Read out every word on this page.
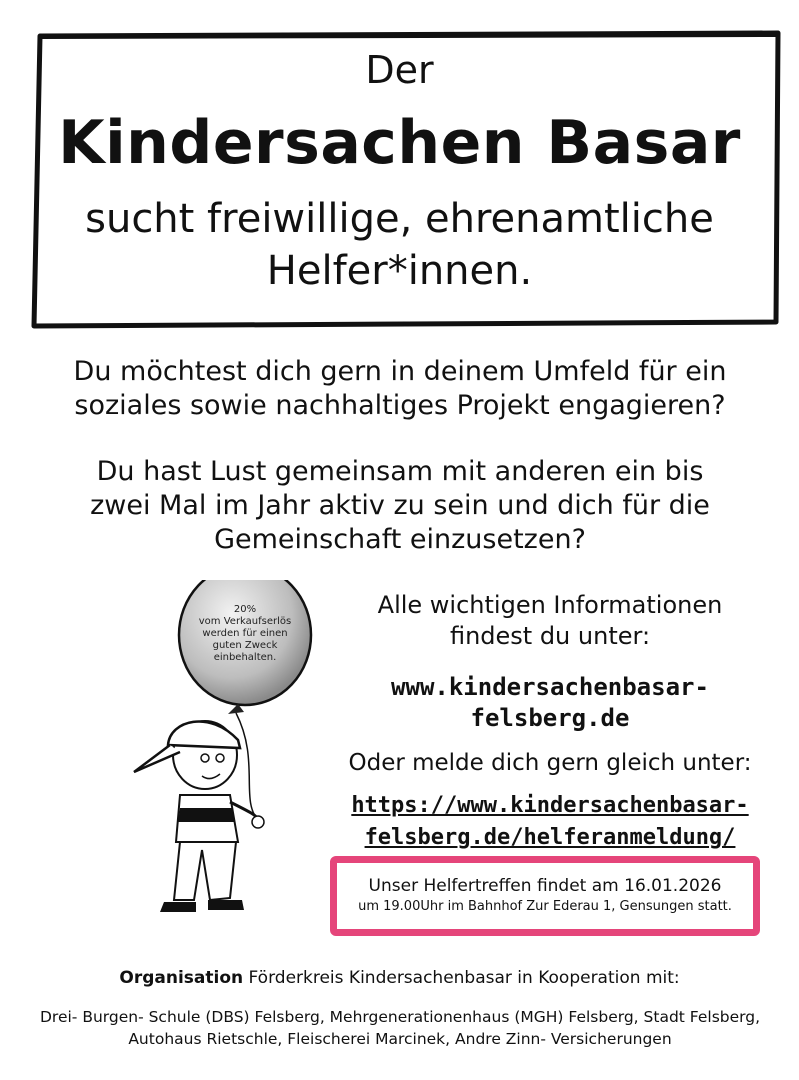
Der
Kindersachen Basar
sucht freiwillige, ehrenamtliche
Helfer*innen.
Du möchtest dich gern in deinem Umfeld für ein soziales sowie nachhaltiges Projekt engagieren?
Du hast Lust gemeinsam mit anderen ein bis zwei Mal im Jahr aktiv zu sein und dich für die Gemeinschaft einzusetzen?
20%
vom Verkaufserlös
werden für einen
guten Zweck
einbehalten.
Alle wichtigen Informationen
findest du unter:
www.kindersachenbasar-
felsberg.de
Oder melde dich gern gleich unter:
https://www.kindersachenbasar-
felsberg.de/helferanmeldung/
Unser Helfertreffen findet am 16.01.2026
um 19.00Uhr im Bahnhof Zur Ederau 1, Gensungen statt.
Organisation Förderkreis Kindersachenbasar in Kooperation mit:
Drei- Burgen- Schule (DBS) Felsberg, Mehrgenerationenhaus (MGH) Felsberg, Stadt Felsberg, Autohaus Rietschle, Fleischerei Marcinek, Andre Zinn- Versicherungen
